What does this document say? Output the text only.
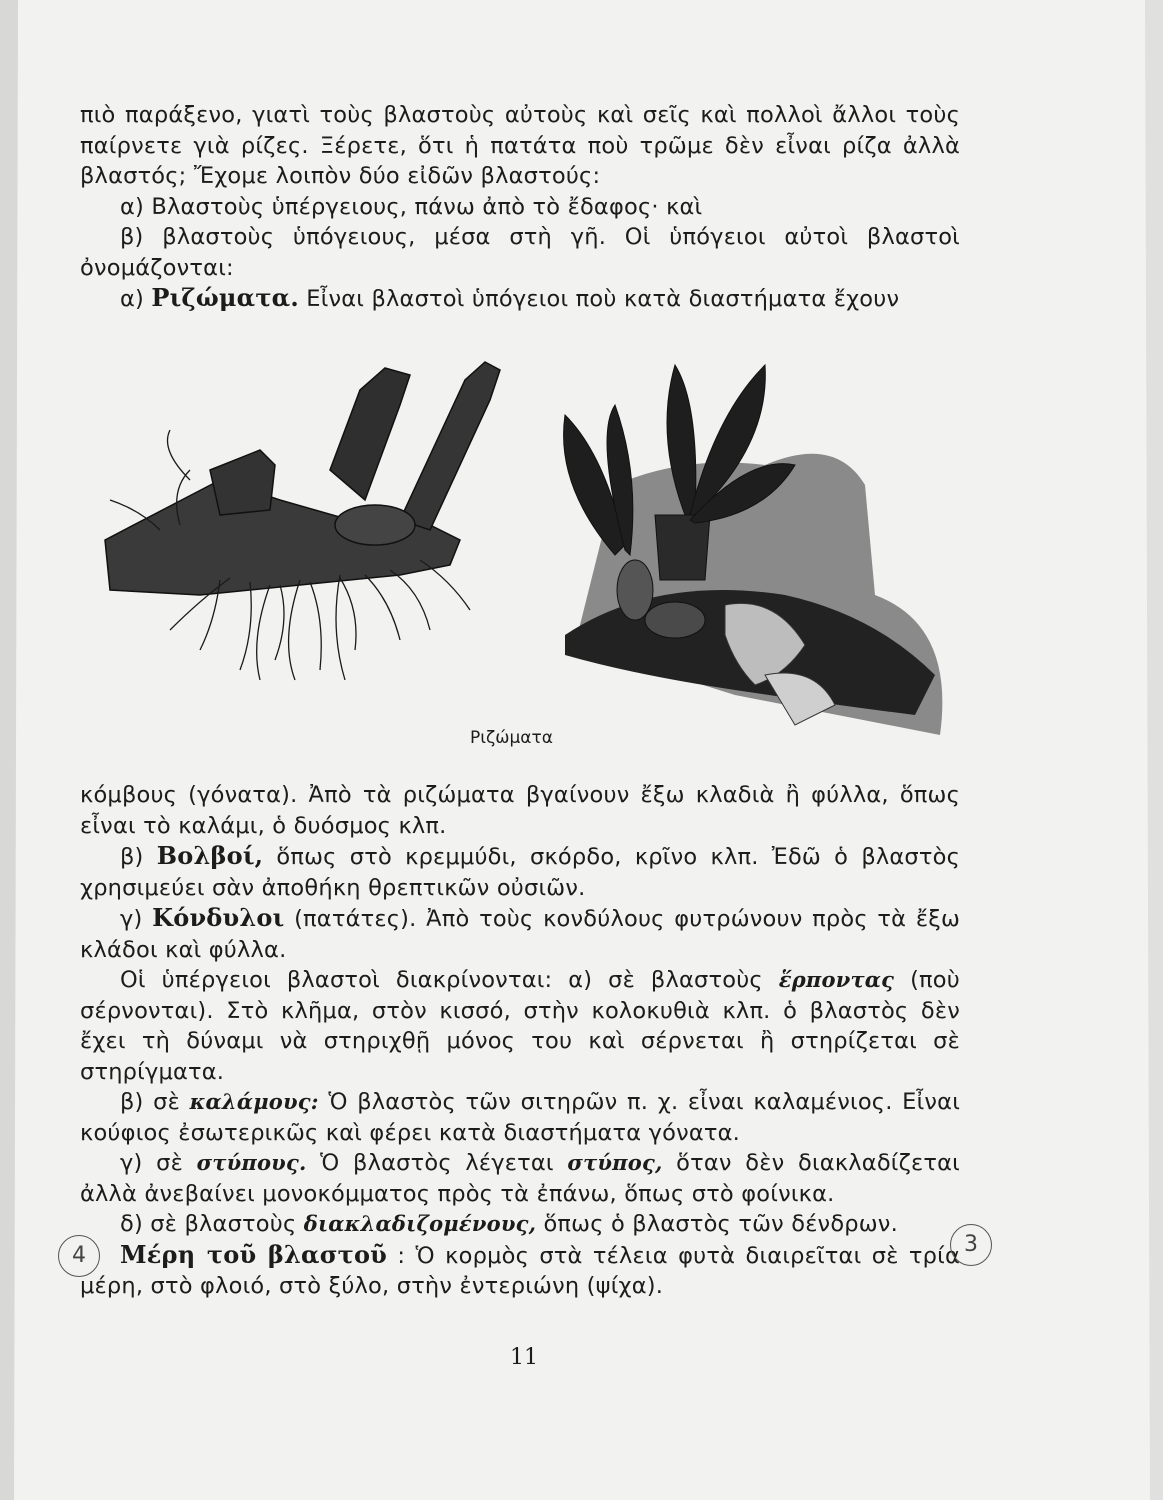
πιὸ παράξενο, γιατὶ τοὺς βλαστοὺς αὐτοὺς καὶ σεῖς καὶ πολλοὶ ἄλλοι τοὺς παίρνετε γιὰ ρίζες. Ξέρετε, ὅτι ἡ πατάτα ποὺ τρῶμε δὲν εἶναι ρίζα ἀλλὰ βλαστός; Ἔχομε λοιπὸν δύο εἰδῶν βλαστούς:

α) Βλαστοὺς ὑπέργειους, πάνω ἀπὸ τὸ ἔδαφος· καὶ

β) βλαστοὺς ὑπόγειους, μέσα στὴ γῆ. Οἱ ὑπόγειοι αὐτοὶ βλαστοὶ ὀνομάζονται:

α) Ριζώματα. Εἶναι βλαστοὶ ὑπόγειοι ποὺ κατὰ διαστήματα ἔχουν

Ριζώματα

κόμβους (γόνατα). Ἀπὸ τὰ ριζώματα βγαίνουν ἔξω κλαδιὰ ἢ φύλλα, ὅπως εἶναι τὸ καλάμι, ὁ δυόσμος κλπ.

β) Βολβοί, ὅπως στὸ κρεμμύδι, σκόρδο, κρῖνο κλπ. Ἐδῶ ὁ βλαστὸς χρησιμεύει σὰν ἀποθήκη θρεπτικῶν οὐσιῶν.

γ) Κόνδυλοι (πατάτες). Ἀπὸ τοὺς κονδύλους φυτρώνουν πρὸς τὰ ἔξω κλάδοι καὶ φύλλα.

Οἱ ὑπέργειοι βλαστοὶ διακρίνονται: α) σὲ βλαστοὺς ἕρποντας (ποὺ σέρνονται). Στὸ κλῆμα, στὸν κισσό, στὴν κολοκυθιὰ κλπ. ὁ βλαστὸς δὲν ἔχει τὴ δύναμι νὰ στηριχθῇ μόνος του καὶ σέρνεται ἢ στηρίζεται σὲ στηρίγματα.

β) σὲ καλάμους: Ὁ βλαστὸς τῶν σιτηρῶν π. χ. εἶναι καλαμένιος. Εἶναι κούφιος ἐσωτερικῶς καὶ φέρει κατὰ διαστήματα γόνατα.

γ) σὲ στύπους. Ὁ βλαστὸς λέγεται στύπος, ὅταν δὲν διακλαδίζεται ἀλλὰ ἀνεβαίνει μονοκόμματος πρὸς τὰ ἐπάνω, ὅπως στὸ φοίνικα.

δ) σὲ βλαστοὺς διακλαδιζομένους, ὅπως ὁ βλαστὸς τῶν δένδρων.

Μέρη τοῦ βλαστοῦ : Ὁ κορμὸς στὰ τέλεια φυτὰ διαιρεῖται σὲ τρία μέρη, στὸ φλοιό, στὸ ξύλο, στὴν ἐντεριώνη (ψίχα).

4	3
11
